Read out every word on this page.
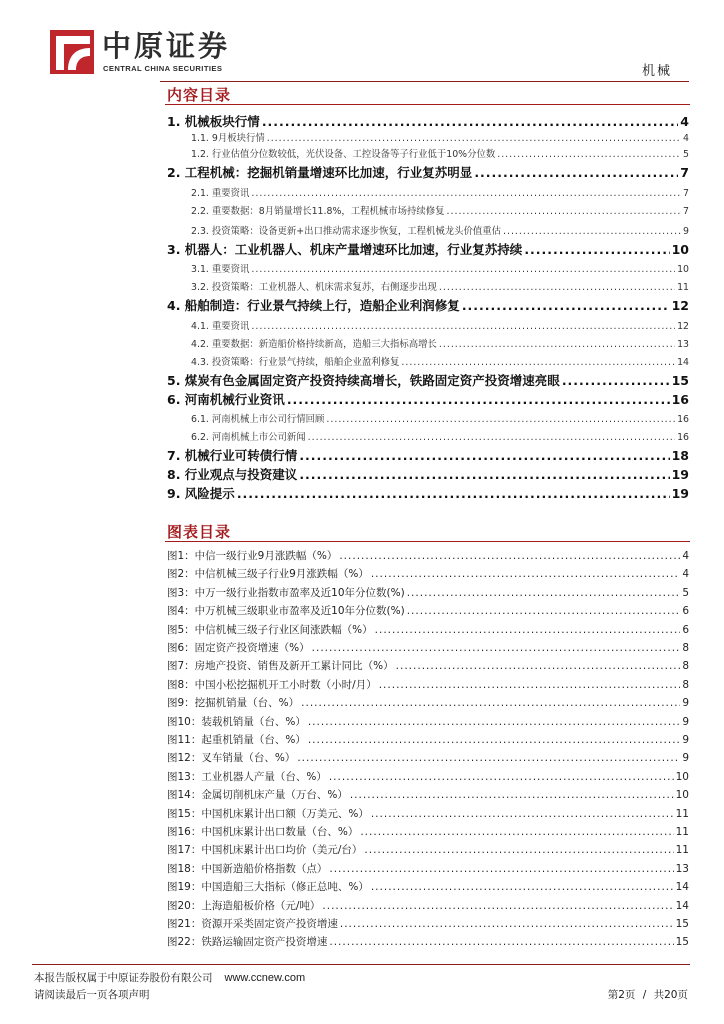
中原证券
CENTRAL CHINA SECURITIES	机械
内容目录
1. 机械板块行情 .....	4
1.1. 9月板块行情 .....	4
1.2. 行业估值分位数较低，光伏设备、工控设备等子行业低于10%分位数 .....	5
2. 工程机械：挖掘机销量增速环比加速，行业复苏明显 .....	7
2.1. 重要资讯 .....	7
2.2. 重要数据：8月销量增长11.8%，工程机械市场持续修复 .....	7
2.3. 投资策略：设备更新+出口推动需求逐步恢复，工程机械龙头价值重估 .....	9
3. 机器人：工业机器人、机床产量增速环比加速，行业复苏持续 .....	10
3.1. 重要资讯 .....	10
3.2. 投资策略：工业机器人、机床需求复苏，右侧逐步出现 .....	11
4. 船舶制造：行业景气持续上行，造船企业利润修复 .....	12
4.1. 重要资讯 .....	12
4.2. 重要数据：新造船价格持续新高，造船三大指标高增长 .....	13
4.3. 投资策略：行业景气持续，船舶企业盈利修复 .....	14
5. 煤炭有色金属固定资产投资持续高增长，铁路固定资产投资增速亮眼 .....	15
6. 河南机械行业资讯 .....	16
6.1. 河南机械上市公司行情回顾 .....	16
6.2. 河南机械上市公司新闻 .....	16
7. 机械行业可转债行情 .....	18
8. 行业观点与投资建议 .....	19
9. 风险提示 .....	19
图表目录
图1：中信一级行业9月涨跌幅（%） .....	4
图2：中信机械三级子行业9月涨跌幅（%） .....	4
图3：中万一级行业指数市盈率及近10年分位数(%) .....	5
图4：中万机械三级职业市盈率及近10年分位数(%) .....	6
图5：中信机械三级子行业区间涨跌幅（%） .....	6
图6：固定资产投资增速（%） .....	8
图7：房地产投资、销售及新开工累计同比（%） .....	8
图8：中国小松挖掘机开工小时数（小时/月） .....	8
图9：挖掘机销量（台、%） .....	9
图10：装载机销量（台、%） .....	9
图11：起重机销量（台、%） .....	9
图12：叉车销量（台、%） .....	9
图13：工业机器人产量（台、%） .....	10
图14：金属切削机床产量（万台、%） .....	10
图15：中国机床累计出口额（万美元、%） .....	11
图16：中国机床累计出口数量（台、%） .....	11
图17：中国机床累计出口均价（美元/台） .....	11
图18：中国新造船价格指数（点） .....	13
图19：中国造船三大指标（修正总吨、%） .....	14
图20：上海造船板价格（元/吨） .....	14
图21：资源开采类固定资产投资增速 .....	15
图22：铁路运输固定资产投资增速 .....	15
本报告版权属于中原证券股份有限公司 www.ccnew.com
请阅读最后一页各项声明	第2页 / 共20页
